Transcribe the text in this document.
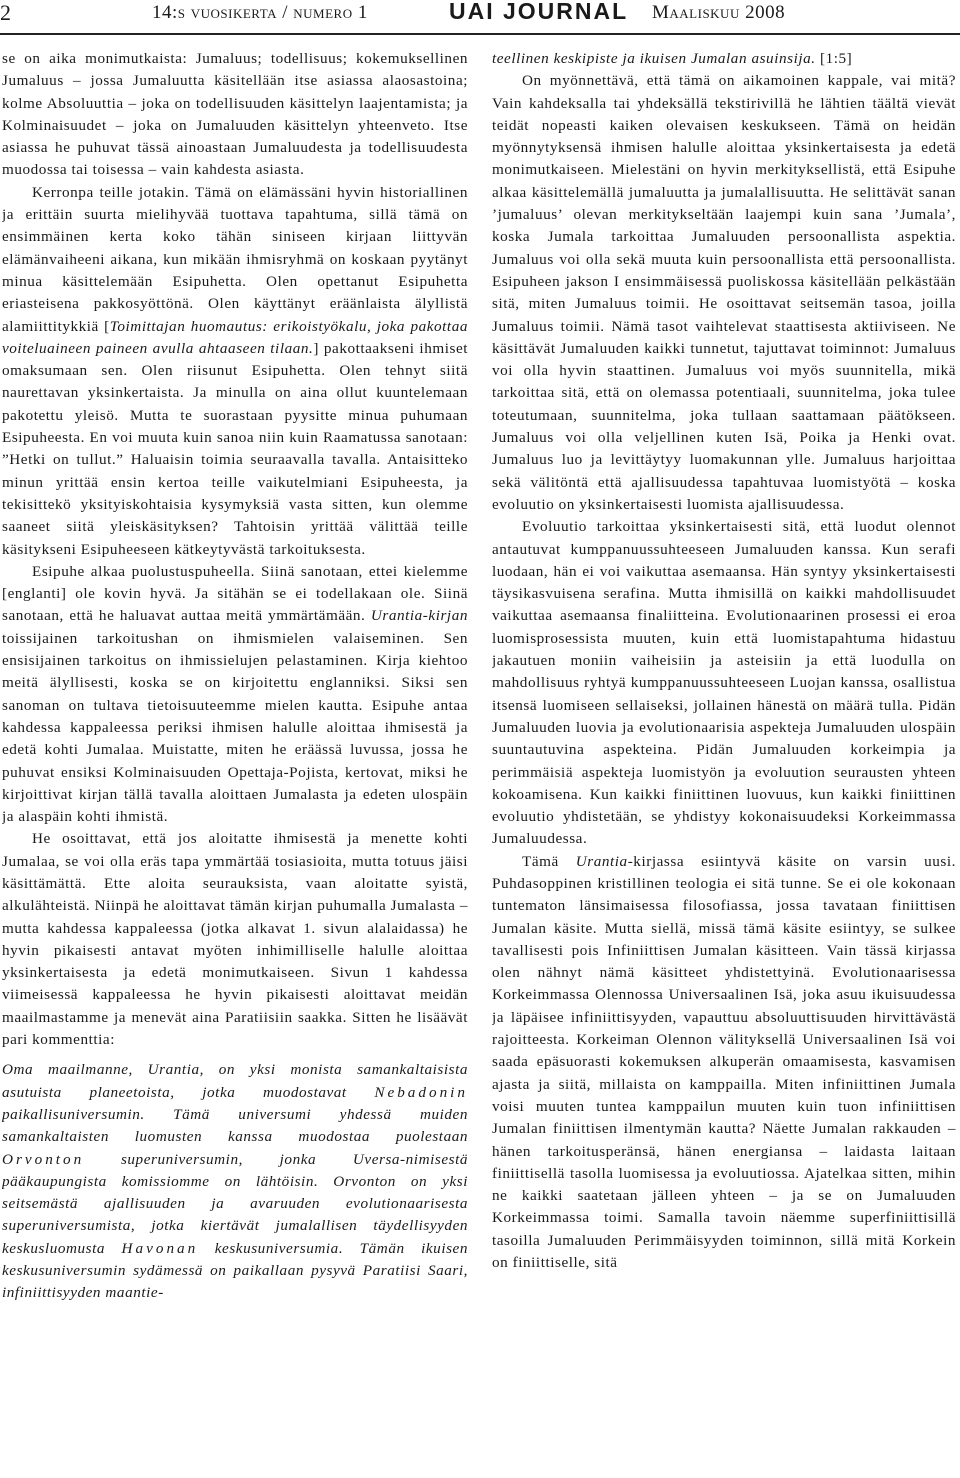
2	14:s vuosikerta / numero 1	UAI JOURNAL Maaliskuu 2008

se on aika monimutkaista: Jumaluus; todellisuus; kokemuksellinen Jumaluus – jossa Jumaluutta käsitellään itse asiassa alaosastoina; kolme Absoluuttia – joka on todellisuuden käsittelyn laajentamista; ja Kolminaisuudet – joka on Jumaluuden käsittelyn yhteenveto. Itse asiassa he puhuvat tässä ainoastaan Jumaluudesta ja todellisuudesta muodossa tai toisessa – vain kahdesta asiasta.

Kerronpa teille jotakin. Tämä on elämässäni hyvin historiallinen ja erittäin suurta mielihyvää tuottava tapahtuma, sillä tämä on ensimmäinen kerta koko tähän siniseen kirjaan liittyvän elämänvaiheeni aikana, kun mikään ihmisryhmä on koskaan pyytänyt minua käsittelemään Esipuhetta. Olen opettanut Esipuhetta eriasteisena pakkosyöttönä. Olen käyttänyt eräänlaista älyllistä alamiittitykkiä [Toimittajan huomautus: erikoistyökalu, joka pakottaa voiteluaineen paineen avulla ahtaaseen tilaan.] pakottaakseni ihmiset omaksumaan sen. Olen riisunut Esipuhetta. Olen tehnyt siitä naurettavan yksinkertaista. Ja minulla on aina ollut kuuntelemaan pakotettu yleisö. Mutta te suorastaan pyysitte minua puhumaan Esipuheesta. En voi muuta kuin sanoa niin kuin Raamatussa sanotaan: ”Hetki on tullut.” Haluaisin toimia seuraavalla tavalla. Antaisitteko minun yrittää ensin kertoa teille vaikutelmiani Esipuheesta, ja tekisittekö yksityiskohtaisia kysymyksiä vasta sitten, kun olemme saaneet siitä yleiskäsityksen? Tahtoisin yrittää välittää teille käsitykseni Esipuheeseen kätkeytyvästä tarkoituksesta.

Esipuhe alkaa puolustuspuheella. Siinä sanotaan, ettei kielemme [englanti] ole kovin hyvä. Ja sitähän se ei todellakaan ole. Siinä sanotaan, että he haluavat auttaa meitä ymmärtämään. Urantia-kirjan toissijainen tarkoitushan on ihmismielen valaiseminen. Sen ensisijainen tarkoitus on ihmissielujen pelastaminen. Kirja kiehtoo meitä älyllisesti, koska se on kirjoitettu englanniksi. Siksi sen sanoman on tultava tietoisuuteemme mielen kautta. Esipuhe antaa kahdessa kappaleessa periksi ihmisen halulle aloittaa ihmisestä ja edetä kohti Jumalaa. Muistatte, miten he eräässä luvussa, jossa he puhuvat ensiksi Kolminaisuuden Opettaja-Pojista, kertovat, miksi he kirjoittivat kirjan tällä tavalla aloittaen Jumalasta ja edeten ulospäin ja alaspäin kohti ihmistä.

He osoittavat, että jos aloitatte ihmisestä ja menette kohti Jumalaa, se voi olla eräs tapa ymmärtää tosiasioita, mutta totuus jäisi käsittämättä. Ette aloita seurauksista, vaan aloitatte syistä, alkulähteistä. Niinpä he aloittavat tämän kirjan puhumalla Jumalasta – mutta kahdessa kappaleessa (jotka alkavat 1. sivun alalaidassa) he hyvin pikaisesti antavat myöten inhimilliselle halulle aloittaa yksinkertaisesta ja edetä monimutkaiseen. Sivun 1 kahdessa viimeisessä kappaleessa he hyvin pikaisesti aloittavat meidän maailmastamme ja menevät aina Paratiisiin saakka. Sitten he lisäävät pari kommenttia:

Oma maailmanne, Urantia, on yksi monista samankaltaisista asutuista planeetoista, jotka muodostavat Nebadonin paikallisuniversumin. Tämä universumi yhdessä muiden samankaltaisten luomusten kanssa muodostaa puolestaan Orvonton superuniversumin, jonka Uversa-nimisestä pääkaupungista komissiomme on lähtöisin. Orvonton on yksi seitsemästä ajallisuuden ja avaruuden evolutionaarisesta superuniversumista, jotka kiertävät jumalallisen täydellisyyden keskusluomusta Havonan keskusuniversumia. Tämän ikuisen keskusuniversumin sydämessä on paikallaan pysyvä Paratiisi Saari, infiniittisyyden maantie-

teellinen keskipiste ja ikuisen Jumalan asuinsija. [1:5]

On myönnettävä, että tämä on aikamoinen kappale, vai mitä? Vain kahdeksalla tai yhdeksällä tekstirivillä he lähtien täältä vievät teidät nopeasti kaiken olevaisen keskukseen. Tämä on heidän myönnytyksensä ihmisen halulle aloittaa yksinkertaisesta ja edetä monimutkaiseen. Mielestäni on hyvin merkityksellistä, että Esipuhe alkaa käsittelemällä jumaluutta ja jumalallisuutta. He selittävät sanan ’jumaluus’ olevan merkitykseltään laajempi kuin sana ’Jumala’, koska Jumala tarkoittaa Jumaluuden persoonallista aspektia. Jumaluus voi olla sekä muuta kuin persoonallista että persoonallista. Esipuheen jakson I ensimmäisessä puoliskossa käsitellään pelkästään sitä, miten Jumaluus toimii. He osoittavat seitsemän tasoa, joilla Jumaluus toimii. Nämä tasot vaihtelevat staattisesta aktiiviseen. Ne käsittävät Jumaluuden kaikki tunnetut, tajuttavat toiminnot: Jumaluus voi olla hyvin staattinen. Jumaluus voi myös suunnitella, mikä tarkoittaa sitä, että on olemassa potentiaali, suunnitelma, joka tulee toteutumaan, suunnitelma, joka tullaan saattamaan päätökseen. Jumaluus voi olla veljellinen kuten Isä, Poika ja Henki ovat. Jumaluus luo ja levittäytyy luomakunnan ylle. Jumaluus harjoittaa sekä välitöntä että ajallisuudessa tapahtuvaa luomistyötä – koska evoluutio on yksinkertaisesti luomista ajallisuudessa.

Evoluutio tarkoittaa yksinkertaisesti sitä, että luodut olennot antautuvat kumppanuussuhteeseen Jumaluuden kanssa. Kun serafi luodaan, hän ei voi vaikuttaa asemaansa. Hän syntyy yksinkertaisesti täysikasvuisena serafina. Mutta ihmisillä on kaikki mahdollisuudet vaikuttaa asemaansa finaliitteina. Evolutionaarinen prosessi ei eroa luomisprosessista muuten, kuin että luomistapahtuma hidastuu jakautuen moniin vaiheisiin ja asteisiin ja että luodulla on mahdollisuus ryhtyä kumppanuussuhteeseen Luojan kanssa, osallistua itsensä luomiseen sellaiseksi, jollainen hänestä on määrä tulla. Pidän Jumaluuden luovia ja evolutionaarisia aspekteja Jumaluuden ulospäin suuntautuvina aspekteina. Pidän Jumaluuden korkeimpia ja perimmäisiä aspekteja luomistyön ja evoluution seurausten yhteen kokoamisena. Kun kaikki finiittinen luovuus, kun kaikki finiittinen evoluutio yhdistetään, se yhdistyy kokonaisuudeksi Korkeimmassa Jumaluudessa.

Tämä Urantia-kirjassa esiintyvä käsite on varsin uusi. Puhdasoppinen kristillinen teologia ei sitä tunne. Se ei ole kokonaan tuntematon länsimaisessa filosofiassa, jossa tavataan finiittisen Jumalan käsite. Mutta siellä, missä tämä käsite esiintyy, se sulkee tavallisesti pois Infiniittisen Jumalan käsitteen. Vain tässä kirjassa olen nähnyt nämä käsitteet yhdistettyinä. Evolutionaarisessa Korkeimmassa Olennossa Universaalinen Isä, joka asuu ikuisuudessa ja läpäisee infiniittisyyden, vapauttuu absoluuttisuuden hirvittävästä rajoitteesta. Korkeiman Olennon välityksellä Universaalinen Isä voi saada epäsuorasti kokemuksen alkuperän omaamisesta, kasvamisen ajasta ja siitä, millaista on kamppailla. Miten infiniittinen Jumala voisi muuten tuntea kamppailun muuten kuin tuon infiniittisen Jumalan finiittisen ilmentymän kautta? Näette Jumalan rakkauden – hänen tarkoitusperänsä, hänen energiansa – laidasta laitaan finiittisellä tasolla luomisessa ja evoluutiossa. Ajatelkaa sitten, mihin ne kaikki saatetaan jälleen yhteen – ja se on Jumaluuden Korkeimmassa toimi. Samalla tavoin näemme superfiniittisillä tasoilla Jumaluuden Perimmäisyyden toiminnon, sillä mitä Korkein on finiittiselle, sitä
